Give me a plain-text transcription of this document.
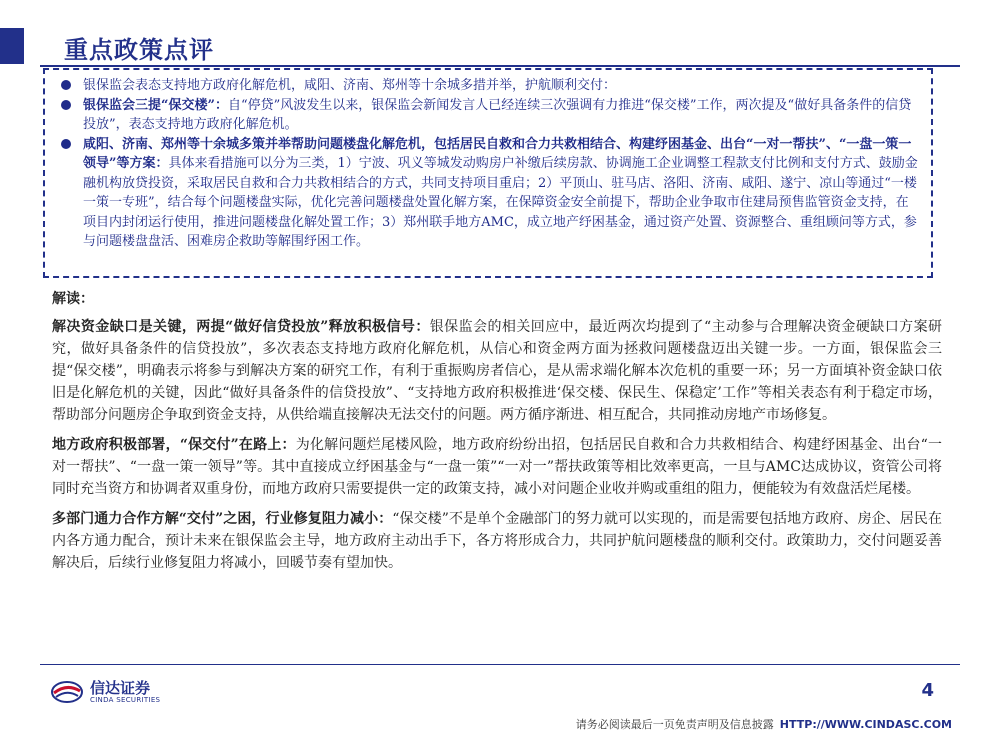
重点政策点评
银保监会表态支持地方政府化解危机，咸阳、济南、郑州等十余城多措并举，护航顺利交付：
银保监会三提“保交楼”：自“停贷”风波发生以来，银保监会新闻发言人已经连续三次强调有力推进“保交楼”工作，两次提及“做好具备条件的信贷投放”，表态支持地方政府化解危机。
咸阳、济南、郑州等十余城多策并举帮助问题楼盘化解危机，包括居民自救和合力共救相结合、构建纾困基金、出台“一对一帮扶”、“一盘一策一领导”等方案：具体来看措施可以分为三类，1）宁波、巩义等城发动购房户补缴后续房款、协调施工企业调整工程款支付比例和支付方式、鼓励金融机构放贷投资，采取居民自救和合力共救相结合的方式，共同支持项目重启；2）平顶山、驻马店、洛阳、济南、咸阳、遂宁、凉山等通过“一楼一策一专班”，结合每个问题楼盘实际，优化完善问题楼盘处置化解方案，在保障资金安全前提下，帮助企业争取市住建局预售监管资金支持，在项目内封闭运行使用，推进问题楼盘化解处置工作；3）郑州联手地方AMC，成立地产纾困基金，通过资产处置、资源整合、重组顾问等方式，参与问题楼盘盘活、困难房企救助等解围纾困工作。
解读：

解决资金缺口是关键，两提“做好信贷投放”释放积极信号：银保监会的相关回应中，最近两次均提到了“主动参与合理解决资金硬缺口方案研究，做好具备条件的信贷投放”，多次表态支持地方政府化解危机，从信心和资金两方面为拯救问题楼盘迈出关键一步。一方面，银保监会三提“保交楼”，明确表示将参与到解决方案的研究工作，有利于重振购房者信心，是从需求端化解本次危机的重要一环；另一方面填补资金缺口依旧是化解危机的关键，因此“做好具备条件的信贷投放”、“支持地方政府积极推进‘保交楼、保民生、保稳定’工作”等相关表态有利于稳定市场，帮助部分问题房企争取到资金支持，从供给端直接解决无法交付的问题。两方循序渐进、相互配合，共同推动房地产市场修复。

地方政府积极部署，“保交付”在路上：为化解问题烂尾楼风险，地方政府纷纷出招，包括居民自救和合力共救相结合、构建纾困基金、出台“一对一帮扶”、“一盘一策一领导”等。其中直接成立纾困基金与“一盘一策”“一对一”帮扶政策等相比效率更高，一旦与AMC达成协议，资管公司将同时充当资方和协调者双重身份，而地方政府只需要提供一定的政策支持，减小对问题企业收并购或重组的阻力，便能较为有效盘活烂尾楼。

多部门通力合作方解“交付”之困，行业修复阻力减小：“保交楼”不是单个金融部门的努力就可以实现的，而是需要包括地方政府、房企、居民在内各方通力配合，预计未来在银保监会主导，地方政府主动出手下，各方将形成合力，共同护航问题楼盘的顺利交付。政策助力，交付问题妥善解决后，后续行业修复阻力将减小，回暖节奏有望加快。

信达证券
CINDA SECURITIES	4
请务必阅读最后一页免责声明及信息披露 HTTP://WWW.CINDASC.COM
